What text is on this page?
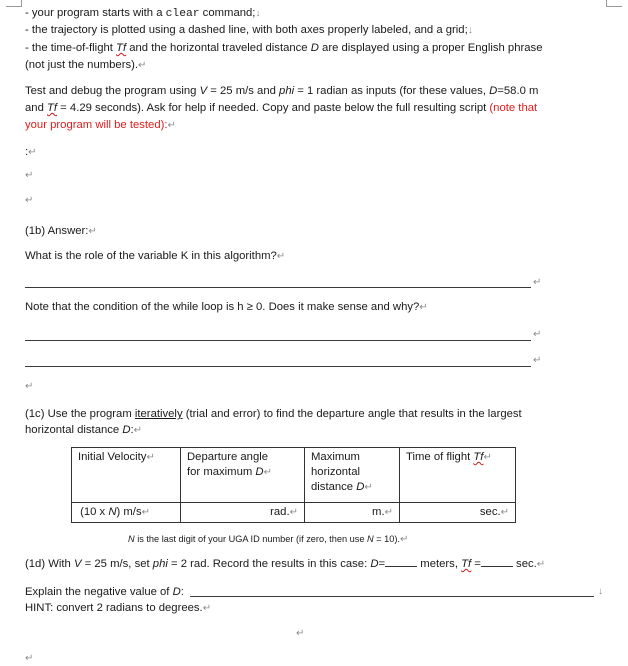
- your program starts with a clear command;↓
- the trajectory is plotted using a dashed line, with both axes properly labeled, and a grid;↓
- the time-of-flight Tf and the horizontal traveled distance D are displayed using a proper English phrase
(not just the numbers).↵
Test and debug the program using V = 25 m/s and phi = 1 radian as inputs (for these values, D=58.0 m
and Tf = 4.29 seconds). Ask for help if needed. Copy and paste below the full resulting script (note that
your program will be tested):↵
:↵
↵
↵
(1b) Answer:↵
What is the role of the variable K in this algorithm?↵
↵
Note that the condition of the while loop is h ≥ 0. Does it make sense and why?↵
↵
↵
↵
(1c) Use the program iteratively (trial and error) to find the departure angle that results in the largest
horizontal distance D:↵
Initial Velocity↵	Departure angle
for maximum D↵	Maximum
horizontal
distance D↵	Time of flight Tf↵
(10 x N) m/s↵	rad.↵	m.↵	sec.↵
N is the last digit of your UGA ID number (if zero, then use N = 10).↵
(1d) With V = 25 m/s, set phi = 2 rad. Record the results in this case: D=	meters, Tf =	sec.↵
Explain the negative value of D:	↓
HINT: convert 2 radians to degrees.↵
↵
↵
